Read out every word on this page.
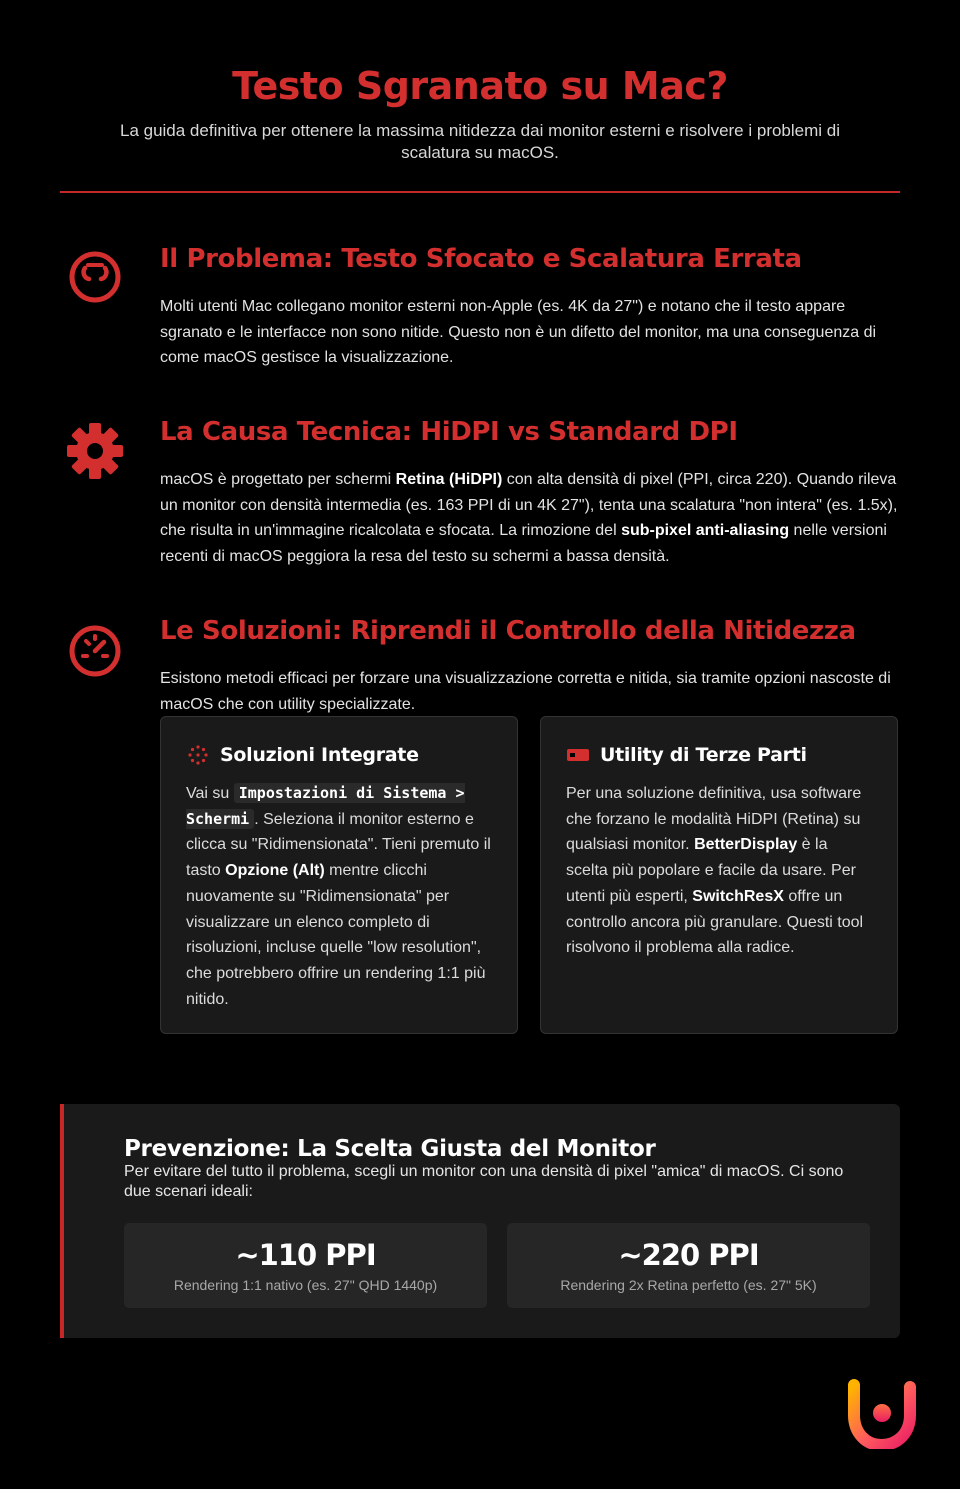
Testo Sgranato su Mac?

La guida definitiva per ottenere la massima nitidezza dai monitor esterni e risolvere i problemi di scalatura su macOS.

Il Problema: Testo Sfocato e Scalatura Errata

Molti utenti Mac collegano monitor esterni non-Apple (es. 4K da 27") e notano che il testo appare sgranato e le interfacce non sono nitide. Questo non è un difetto del monitor, ma una conseguenza di come macOS gestisce la visualizzazione.

La Causa Tecnica: HiDPI vs Standard DPI

macOS è progettato per schermi Retina (HiDPI) con alta densità di pixel (PPI, circa 220). Quando rileva un monitor con densità intermedia (es. 163 PPI di un 4K 27"), tenta una scalatura "non intera" (es. 1.5x), che risulta in un'immagine ricalcolata e sfocata. La rimozione del sub-pixel anti-aliasing nelle versioni recenti di macOS peggiora la resa del testo su schermi a bassa densità.

Le Soluzioni: Riprendi il Controllo della Nitidezza

Esistono metodi efficaci per forzare una visualizzazione corretta e nitida, sia tramite opzioni nascoste di macOS che con utility specializzate.

Soluzioni Integrate

Vai su Impostazioni di Sistema > Schermi . Seleziona il monitor esterno e clicca su "Ridimensionata". Tieni premuto il tasto Opzione (Alt) mentre clicchi nuovamente su "Ridimensionata" per visualizzare un elenco completo di risoluzioni, incluse quelle "low resolution", che potrebbero offrire un rendering 1:1 più nitido.

Utility di Terze Parti

Per una soluzione definitiva, usa software che forzano le modalità HiDPI (Retina) su qualsiasi monitor. BetterDisplay è la scelta più popolare e facile da usare. Per utenti più esperti, SwitchResX offre un controllo ancora più granulare. Questi tool risolvono il problema alla radice.

Prevenzione: La Scelta Giusta del Monitor

Per evitare del tutto il problema, scegli un monitor con una densità di pixel "amica" di macOS. Ci sono due scenari ideali:

~110 PPI
Rendering 1:1 nativo (es. 27" QHD 1440p)
~220 PPI
Rendering 2x Retina perfetto (es. 27" 5K)
